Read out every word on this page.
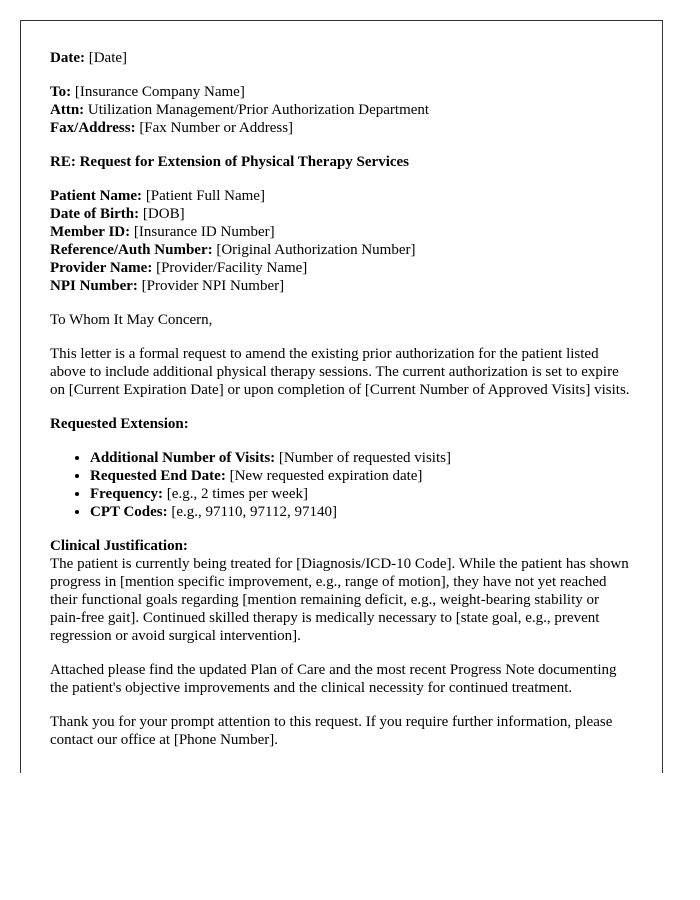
Date: [Date]

To: [Insurance Company Name]
Attn: Utilization Management/Prior Authorization Department
Fax/Address: [Fax Number or Address]

RE: Request for Extension of Physical Therapy Services

Patient Name: [Patient Full Name]
Date of Birth: [DOB]
Member ID: [Insurance ID Number]
Reference/Auth Number: [Original Authorization Number]
Provider Name: [Provider/Facility Name]
NPI Number: [Provider NPI Number]

To Whom It May Concern,

This letter is a formal request to amend the existing prior authorization for the patient listed above to include additional physical therapy sessions. The current authorization is set to expire on [Current Expiration Date] or upon completion of [Current Number of Approved Visits] visits.

Requested Extension:

• Additional Number of Visits: [Number of requested visits]
• Requested End Date: [New requested expiration date]
• Frequency: [e.g., 2 times per week]
• CPT Codes: [e.g., 97110, 97112, 97140]

Clinical Justification:
The patient is currently being treated for [Diagnosis/ICD-10 Code]. While the patient has shown progress in [mention specific improvement, e.g., range of motion], they have not yet reached their functional goals regarding [mention remaining deficit, e.g., weight-bearing stability or pain-free gait]. Continued skilled therapy is medically necessary to [state goal, e.g., prevent regression or avoid surgical intervention].

Attached please find the updated Plan of Care and the most recent Progress Note documenting the patient's objective improvements and the clinical necessity for continued treatment.

Thank you for your prompt attention to this request. If you require further information, please contact our office at [Phone Number].
